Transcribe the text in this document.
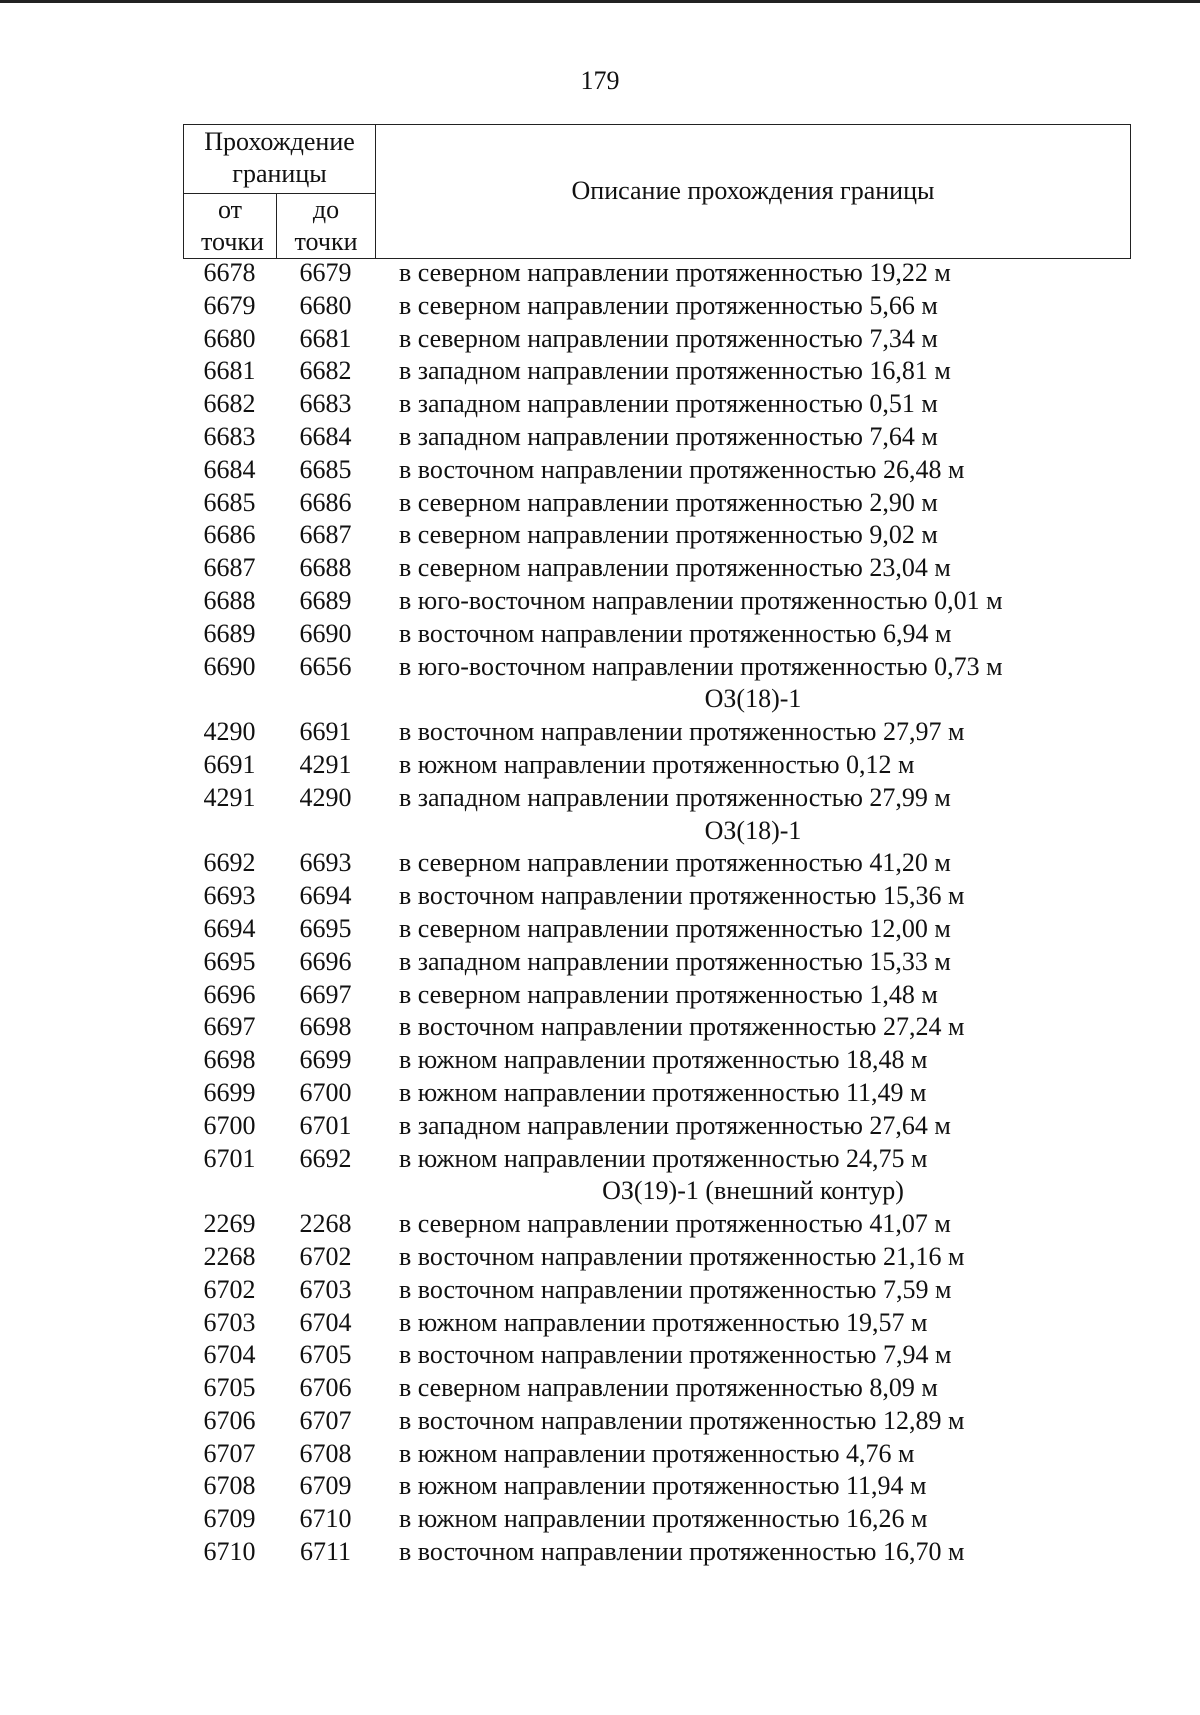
179
Прохождение границы
от точки
до точки
Описание прохождения границы
6678	6679	в северном направлении протяженностью 19,22 м
6679	6680	в северном направлении протяженностью 5,66 м
6680	6681	в северном направлении протяженностью 7,34 м
6681	6682	в западном направлении протяженностью 16,81 м
6682	6683	в западном направлении протяженностью 0,51 м
6683	6684	в западном направлении протяженностью 7,64 м
6684	6685	в восточном направлении протяженностью 26,48 м
6685	6686	в северном направлении протяженностью 2,90 м
6686	6687	в северном направлении протяженностью 9,02 м
6687	6688	в северном направлении протяженностью 23,04 м
6688	6689	в юго-восточном направлении протяженностью 0,01 м
6689	6690	в восточном направлении протяженностью 6,94 м
6690	6656	в юго-восточном направлении протяженностью 0,73 м
ОЗ(18)-1
4290	6691	в восточном направлении протяженностью 27,97 м
6691	4291	в южном направлении протяженностью 0,12 м
4291	4290	в западном направлении протяженностью 27,99 м
ОЗ(18)-1
6692	6693	в северном направлении протяженностью 41,20 м
6693	6694	в восточном направлении протяженностью 15,36 м
6694	6695	в северном направлении протяженностью 12,00 м
6695	6696	в западном направлении протяженностью 15,33 м
6696	6697	в северном направлении протяженностью 1,48 м
6697	6698	в восточном направлении протяженностью 27,24 м
6698	6699	в южном направлении протяженностью 18,48 м
6699	6700	в южном направлении протяженностью 11,49 м
6700	6701	в западном направлении протяженностью 27,64 м
6701	6692	в южном направлении протяженностью 24,75 м
ОЗ(19)-1 (внешний контур)
2269	2268	в северном направлении протяженностью 41,07 м
2268	6702	в восточном направлении протяженностью 21,16 м
6702	6703	в восточном направлении протяженностью 7,59 м
6703	6704	в южном направлении протяженностью 19,57 м
6704	6705	в восточном направлении протяженностью 7,94 м
6705	6706	в северном направлении протяженностью 8,09 м
6706	6707	в восточном направлении протяженностью 12,89 м
6707	6708	в южном направлении протяженностью 4,76 м
6708	6709	в южном направлении протяженностью 11,94 м
6709	6710	в южном направлении протяженностью 16,26 м
6710	6711	в восточном направлении протяженностью 16,70 м
